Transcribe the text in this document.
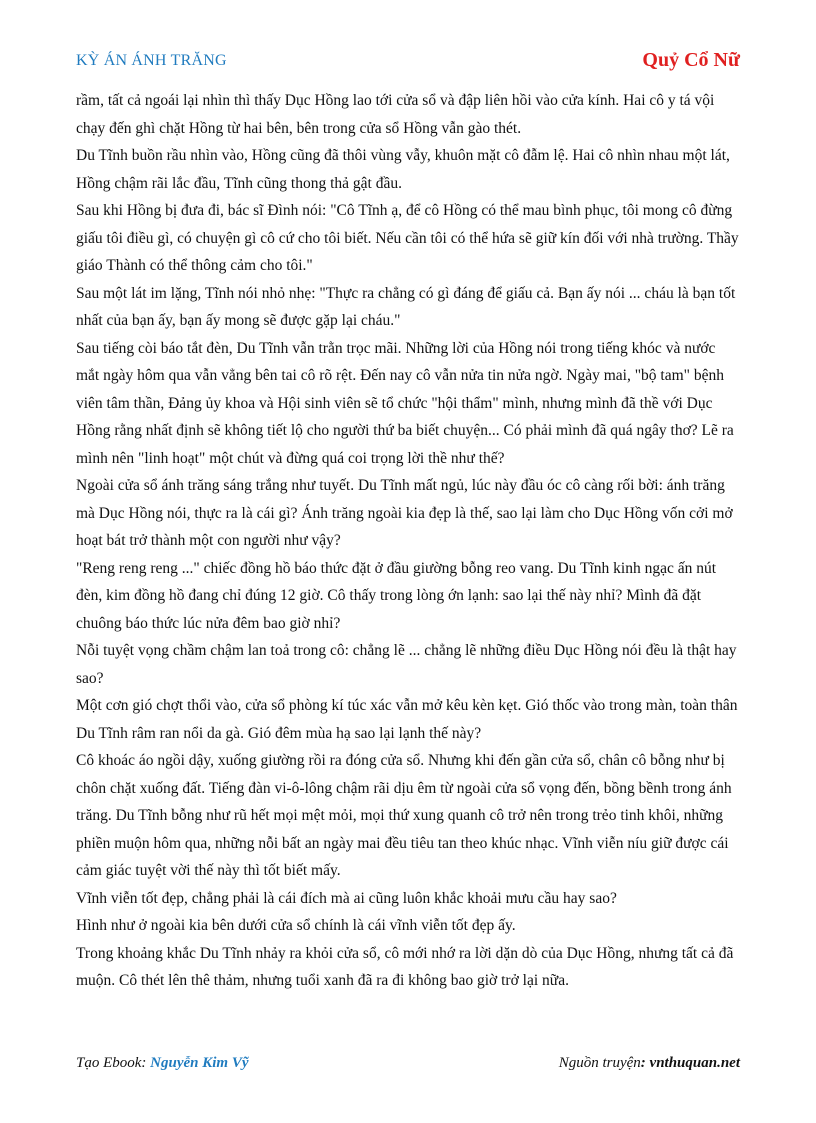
KỲ ÁN ÁNH TRĂNG	Quỷ Cổ Nữ

rầm, tất cả ngoái lại nhìn thì thấy Dục Hồng lao tới cửa sổ và đập liên hồi vào cửa kính. Hai cô y tá vội chạy đến ghì chặt Hồng từ hai bên, bên trong cửa sổ Hồng vẫn gào thét.

Du Tĩnh buồn rầu nhìn vào, Hồng cũng đã thôi vùng vẫy, khuôn mặt cô đẫm lệ. Hai cô nhìn nhau một lát, Hồng chậm rãi lắc đầu, Tĩnh cũng thong thả gật đầu.

Sau khi Hồng bị đưa đi, bác sĩ Đình nói: "Cô Tĩnh ạ, để cô Hồng có thể mau bình phục, tôi mong cô đừng giấu tôi điều gì, có chuyện gì cô cứ cho tôi biết. Nếu cần tôi có thể hứa sẽ giữ kín đối với nhà trường. Thầy giáo Thành có thể thông cảm cho tôi."

Sau một lát im lặng, Tĩnh nói nhỏ nhẹ: "Thực ra chẳng có gì đáng để giấu cả. Bạn ấy nói ... cháu là bạn tốt nhất của bạn ấy, bạn ấy mong sẽ được gặp lại cháu."

Sau tiếng còi báo tắt đèn, Du Tĩnh vẫn trằn trọc mãi. Những lời của Hồng nói trong tiếng khóc và nước mắt ngày hôm qua vẫn vẳng bên tai cô rõ rệt. Đến nay cô vẫn nửa tin nửa ngờ. Ngày mai, "bộ tam" bệnh viên tâm thần, Đảng ủy khoa và Hội sinh viên sẽ tổ chức "hội thẩm" mình, nhưng mình đã thề với Dục Hồng rằng nhất định sẽ không tiết lộ cho người thứ ba biết chuyện... Có phải mình đã quá ngây thơ? Lẽ ra mình nên "linh hoạt" một chút và đừng quá coi trọng lời thề như thế?

Ngoài cửa sổ ánh trăng sáng trắng như tuyết. Du Tĩnh mất ngủ, lúc này đầu óc cô càng rối bời: ánh trăng mà Dục Hồng nói, thực ra là cái gì? Ánh trăng ngoài kia đẹp là thế, sao lại làm cho Dục Hồng vốn cởi mở hoạt bát trở thành một con người như vậy?

"Reng reng reng ..." chiếc đồng hồ báo thức đặt ở đầu giường bỗng reo vang. Du Tĩnh kinh ngạc ấn nút đèn, kim đồng hồ đang chỉ đúng 12 giờ. Cô thấy trong lòng ớn lạnh: sao lại thế này nhỉ? Mình đã đặt chuông báo thức lúc nửa đêm bao giờ nhỉ?

Nỗi tuyệt vọng chầm chậm lan toả trong cô: chẳng lẽ ... chẳng lẽ những điều Dục Hồng nói đều là thật hay sao?

Một cơn gió chợt thổi vào, cửa sổ phòng kí túc xác vẫn mở kêu kèn kẹt. Gió thốc vào trong màn, toàn thân Du Tĩnh râm ran nổi da gà. Gió đêm mùa hạ sao lại lạnh thế này?

Cô khoác áo ngồi dậy, xuống giường rồi ra đóng cửa sổ. Nhưng khi đến gần cửa sổ, chân cô bỗng như bị chôn chặt xuống đất. Tiếng đàn vi-ô-lông chậm rãi dịu êm từ ngoài cửa sổ vọng đến, bồng bềnh trong ánh trăng. Du Tĩnh bỗng như rũ hết mọi mệt mỏi, mọi thứ xung quanh cô trở nên trong trẻo tinh khôi, những phiền muộn hôm qua, những nỗi bất an ngày mai đều tiêu tan theo khúc nhạc. Vĩnh viễn níu giữ được cái cảm giác tuyệt vời thế này thì tốt biết mấy.

Vĩnh viễn tốt đẹp, chẳng phải là cái đích mà ai cũng luôn khắc khoải mưu cầu hay sao?

Hình như ở ngoài kia bên dưới cửa sổ chính là cái vĩnh viễn tốt đẹp ấy.

Trong khoảng khắc Du Tĩnh nhảy ra khỏi cửa sổ, cô mới nhớ ra lời dặn dò của Dục Hồng, nhưng tất cả đã muộn. Cô thét lên thê thảm, nhưng tuổi xanh đã ra đi không bao giờ trở lại nữa.

Tạo Ebook: Nguyễn Kim Vỹ	Nguồn truyện: vnthuquan.net
